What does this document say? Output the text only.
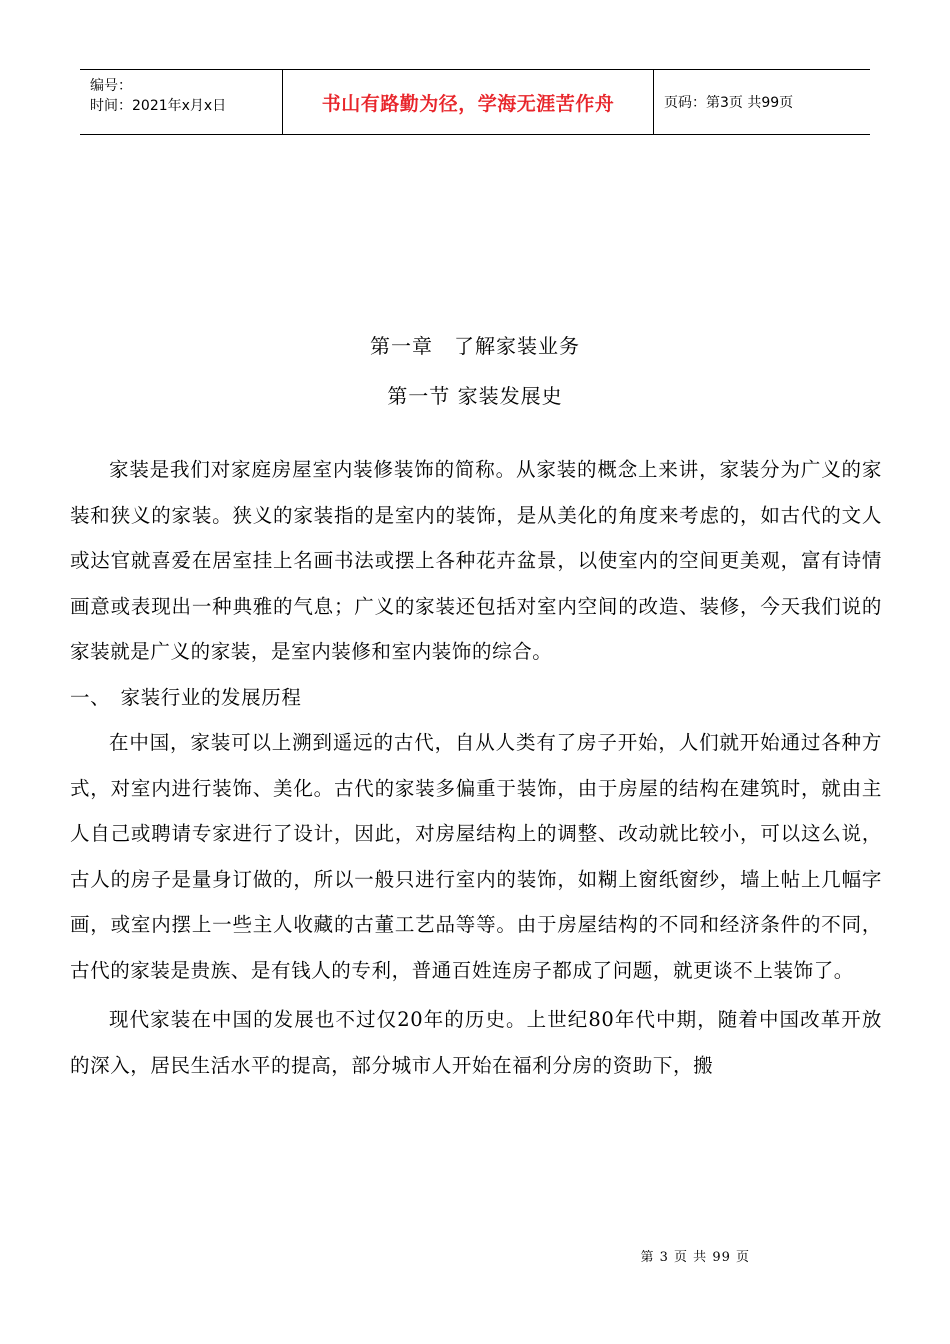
编号：
时间：2021年x月x日	书山有路勤为径，学海无涯苦作舟	页码：第3页 共99页
第一章　了解家装业务
第一节 家装发展史

家装是我们对家庭房屋室内装修装饰的简称。从家装的概念上来讲，家装分为广义的家装和狭义的家装。狭义的家装指的是室内的装饰，是从美化的角度来考虑的，如古代的文人或达官就喜爱在居室挂上名画书法或摆上各种花卉盆景，以使室内的空间更美观，富有诗情画意或表现出一种典雅的气息；广义的家装还包括对室内空间的改造、装修，今天我们说的家装就是广义的家装，是室内装修和室内装饰的综合。

一、　家装行业的发展历程

在中国，家装可以上溯到遥远的古代，自从人类有了房子开始，人们就开始通过各种方式，对室内进行装饰、美化。古代的家装多偏重于装饰，由于房屋的结构在建筑时，就由主人自己或聘请专家进行了设计，因此，对房屋结构上的调整、改动就比较小，可以这么说，古人的房子是量身订做的，所以一般只进行室内的装饰，如糊上窗纸窗纱，墙上帖上几幅字画，或室内摆上一些主人收藏的古董工艺品等等。由于房屋结构的不同和经济条件的不同，古代的家装是贵族、是有钱人的专利，普通百姓连房子都成了问题，就更谈不上装饰了。

现代家装在中国的发展也不过仅20年的历史。上世纪80年代中期，随着中国改革开放的深入，居民生活水平的提高，部分城市人开始在福利分房的资助下，搬

第 3 页 共 99 页
